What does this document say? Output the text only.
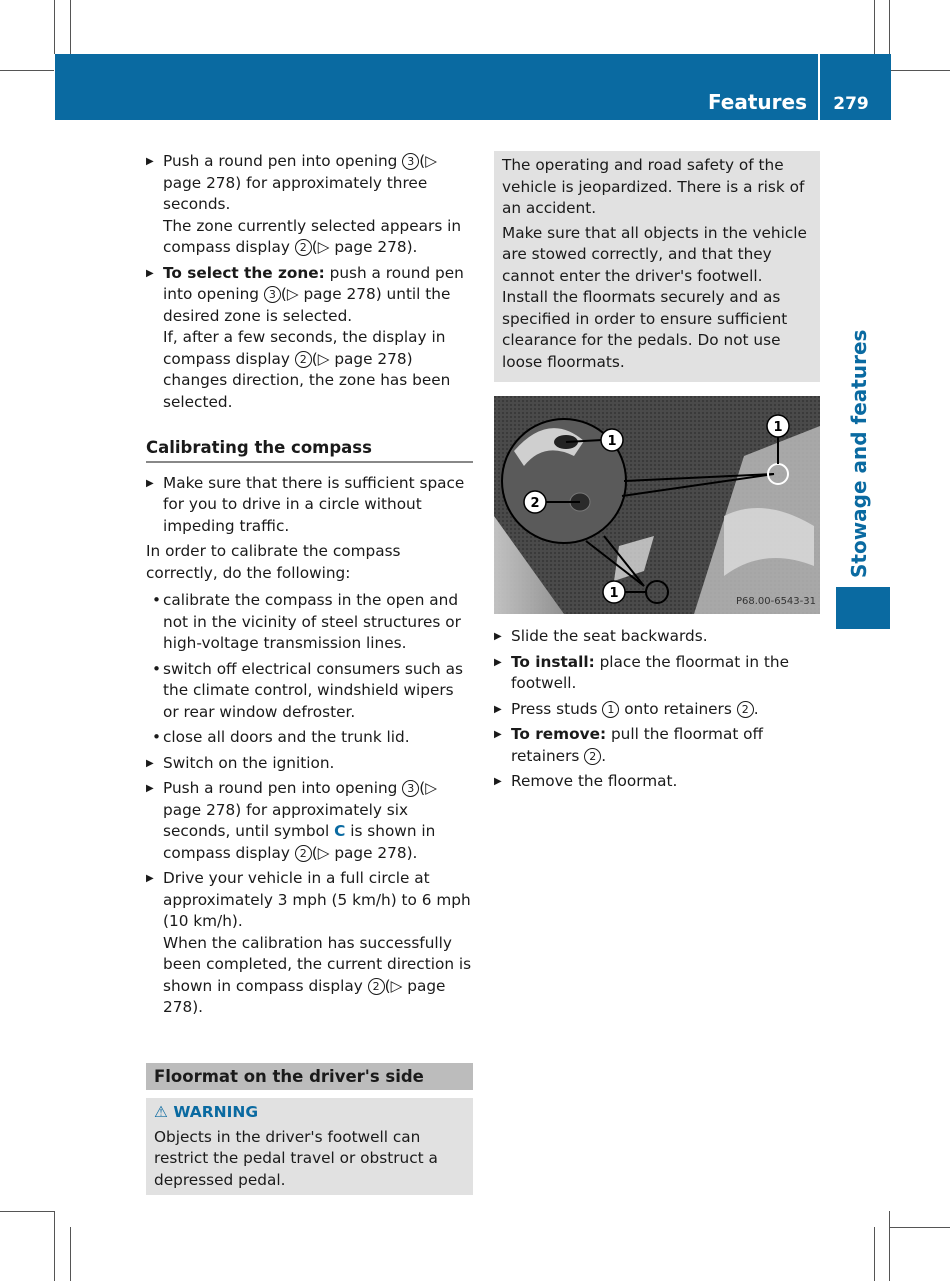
Features	279
Stowage and features
▶ Push a round pen into opening 3 (▷ page 278) for approximately three seconds.
The zone currently selected appears in compass display 2 (▷ page 278).
▶ To select the zone: push a round pen into opening 3 (▷ page 278) until the desired zone is selected.
If, after a few seconds, the display in compass display 2 (▷ page 278) changes direction, the zone has been selected.
Calibrating the compass
▶ Make sure that there is sufficient space for you to drive in a circle without impeding traffic.
In order to calibrate the compass correctly, do the following:
• calibrate the compass in the open and not in the vicinity of steel structures or high-voltage transmission lines.
• switch off electrical consumers such as the climate control, windshield wipers or rear window defroster.
• close all doors and the trunk lid.
▶ Switch on the ignition.
▶ Push a round pen into opening 3 (▷ page 278) for approximately six seconds, until symbol C is shown in compass display 2 (▷ page 278).
▶ Drive your vehicle in a full circle at approximately 3 mph (5 km/h) to 6 mph (10 km/h).
When the calibration has successfully been completed, the current direction is shown in compass display 2 (▷ page 278).
Floormat on the driver's side
⚠ WARNING
Objects in the driver's footwell can restrict the pedal travel or obstruct a depressed pedal.

The operating and road safety of the vehicle is jeopardized. There is a risk of an accident.

Make sure that all objects in the vehicle are stowed correctly, and that they cannot enter the driver's footwell. Install the floormats securely and as specified in order to ensure sufficient clearance for the pedals. Do not use loose floormats.

1
2
1
1	P68.00-6543-31
▶ Slide the seat backwards.
▶ To install: place the floormat in the footwell.
▶ Press studs 1 onto retainers 2 .
▶ To remove: pull the floormat off retainers 2 .
▶ Remove the floormat.
